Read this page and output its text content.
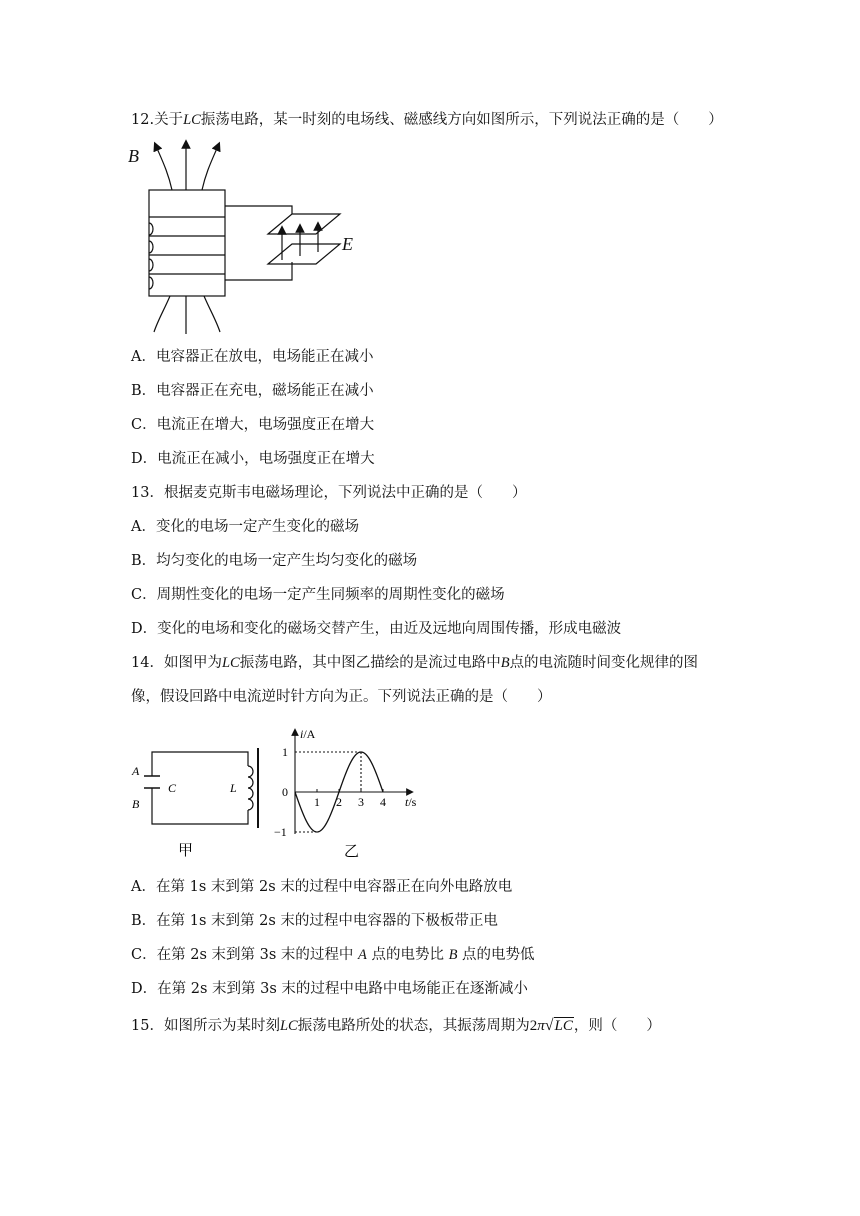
12.关于LC振荡电路，某一时刻的电场线、磁感线方向如图所示，下列说法正确的是（　　）
B
E
A．电容器正在放电，电场能正在减小
B．电容器正在充电，磁场能正在减小
C．电流正在增大，电场强度正在增大
D．电流正在减小，电场强度正在增大
13．根据麦克斯韦电磁场理论，下列说法中正确的是（　　）
A．变化的电场一定产生变化的磁场
B．均匀变化的电场一定产生均匀变化的磁场
C．周期性变化的电场一定产生同频率的周期性变化的磁场
D．变化的电场和变化的磁场交替产生，由近及远地向周围传播，形成电磁波
14．如图甲为LC振荡电路，其中图乙描绘的是流过电路中B点的电流随时间变化规律的图
像，假设回路中电流逆时针方向为正。下列说法正确的是（　　）
A
B
C	L
甲
i/A
t/s
1
−1
0
1 2 3 4
乙
A．在第 1s 末到第 2s 末的过程中电容器正在向外电路放电
B．在第 1s 末到第 2s 末的过程中电容器的下极板带正电
C．在第 2s 末到第 3s 末的过程中 A 点的电势比 B 点的电势低
D．在第 2s 末到第 3s 末的过程中电路中电场能正在逐渐减小
15．如图所示为某时刻LC振荡电路所处的状态，其振荡周期为2π√LC，则（　　）
